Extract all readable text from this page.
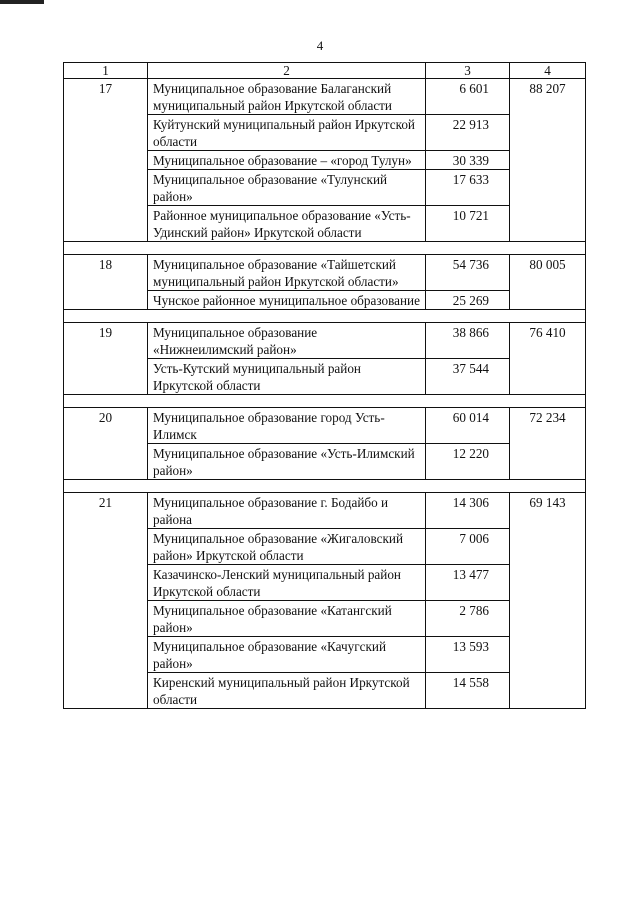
4
1	2	3	4
17	Муниципальное образование Балаганский муниципальный район Иркутской области	6 601	88 207
	Куйтунский муниципальный район Иркутской области	22 913	
	Муниципальное образование – «город Тулун»	30 339	
	Муниципальное образование «Тулунский район»	17 633	
	Районное муниципальное образование «Усть-Удинский район» Иркутской области	10 721	

18	Муниципальное образование «Тайшетский муниципальный район Иркутской области»	54 736	80 005
	Чунское районное муниципальное образование	25 269	

19	Муниципальное образование «Нижнеилимский район»	38 866	76 410
	Усть-Кутский муниципальный район Иркутской области	37 544	

20	Муниципальное образование город Усть-Илимск	60 014	72 234
	Муниципальное образование «Усть-Илимский район»	12 220	

21	Муниципальное образование г. Бодайбо и района	14 306	69 143
	Муниципальное образование «Жигаловский район» Иркутской области	7 006	
	Казачинско-Ленский муниципальный район Иркутской области	13 477	
	Муниципальное образование «Катангский район»	2 786	
	Муниципальное образование «Качугский район»	13 593	
	Киренский муниципальный район Иркутской области	14 558	
